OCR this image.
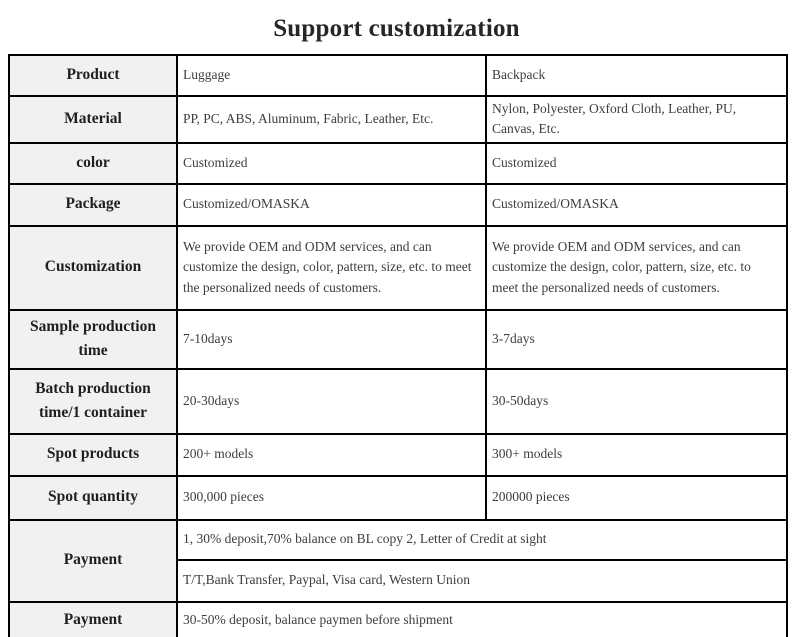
Support customization
Product	Luggage	Backpack
Material	PP, PC, ABS, Aluminum, Fabric, Leather, Etc.	Nylon, Polyester, Oxford Cloth, Leather, PU, Canvas, Etc.
color	Customized	Customized
Package	Customized/OMASKA	Customized/OMASKA
Customization	We provide OEM and ODM services, and can customize the design, color, pattern, size, etc. to meet the personalized needs of customers.	We provide OEM and ODM services, and can customize the design, color, pattern, size, etc. to meet the personalized needs of customers.
Sample production time	7-10days	3-7days
Batch production time/1 container	20-30days	30-50days
Spot products	200+ models	300+ models
Spot quantity	300,000 pieces	200000 pieces
Payment	1, 30% deposit,70% balance on BL copy 2, Letter of Credit at sight	
	T/T,Bank Transfer, Paypal, Visa card, Western Union	
Payment	30-50% deposit, balance paymen before shipment	
